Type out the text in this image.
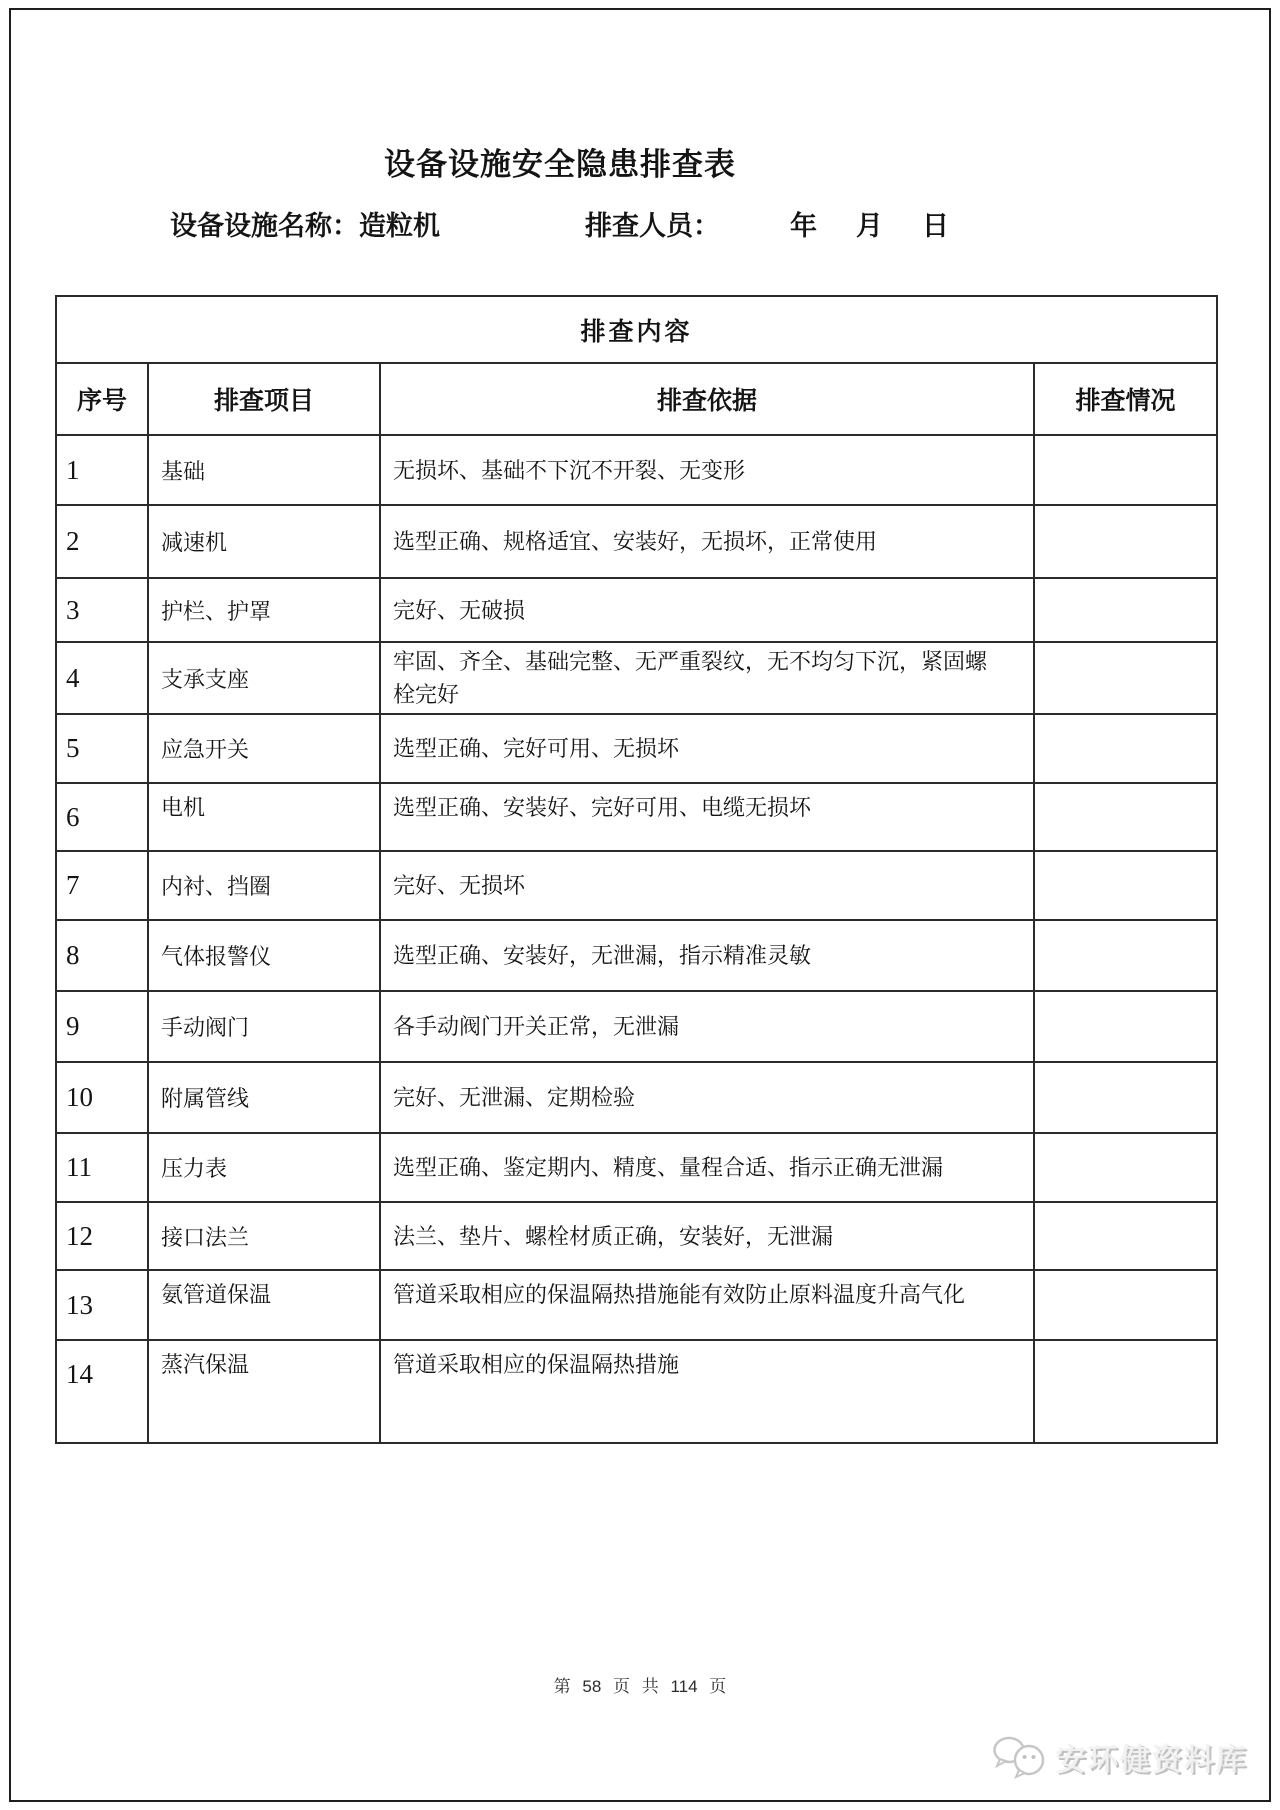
设备设施安全隐患排查表
设备设施名称：造粒机	排查人员：	年　月　日
排查内容			
序号	排查项目	排查依据	排查情况
1	基础	无损坏、基础不下沉不开裂、无变形	
2	减速机	选型正确、规格适宜、安装好，无损坏，正常使用	
3	护栏、护罩	完好、无破损	
4	支承支座	牢固、齐全、基础完整、无严重裂纹，无不均匀下沉，紧固螺栓完好	
5	应急开关	选型正确、完好可用、无损坏	
6	电机	选型正确、安装好、完好可用、电缆无损坏	
7	内衬、挡圈	完好、无损坏	
8	气体报警仪	选型正确、安装好，无泄漏，指示精准灵敏	
9	手动阀门	各手动阀门开关正常，无泄漏	
10	附属管线	完好、无泄漏、定期检验	
11	压力表	选型正确、鉴定期内、精度、量程合适、指示正确无泄漏	
12	接口法兰	法兰、垫片、螺栓材质正确，安装好，无泄漏	
13	氨管道保温	管道采取相应的保温隔热措施能有效防止原料温度升高气化	
14	蒸汽保温	管道采取相应的保温隔热措施	
第 58 页 共 114 页
安环健资料库
